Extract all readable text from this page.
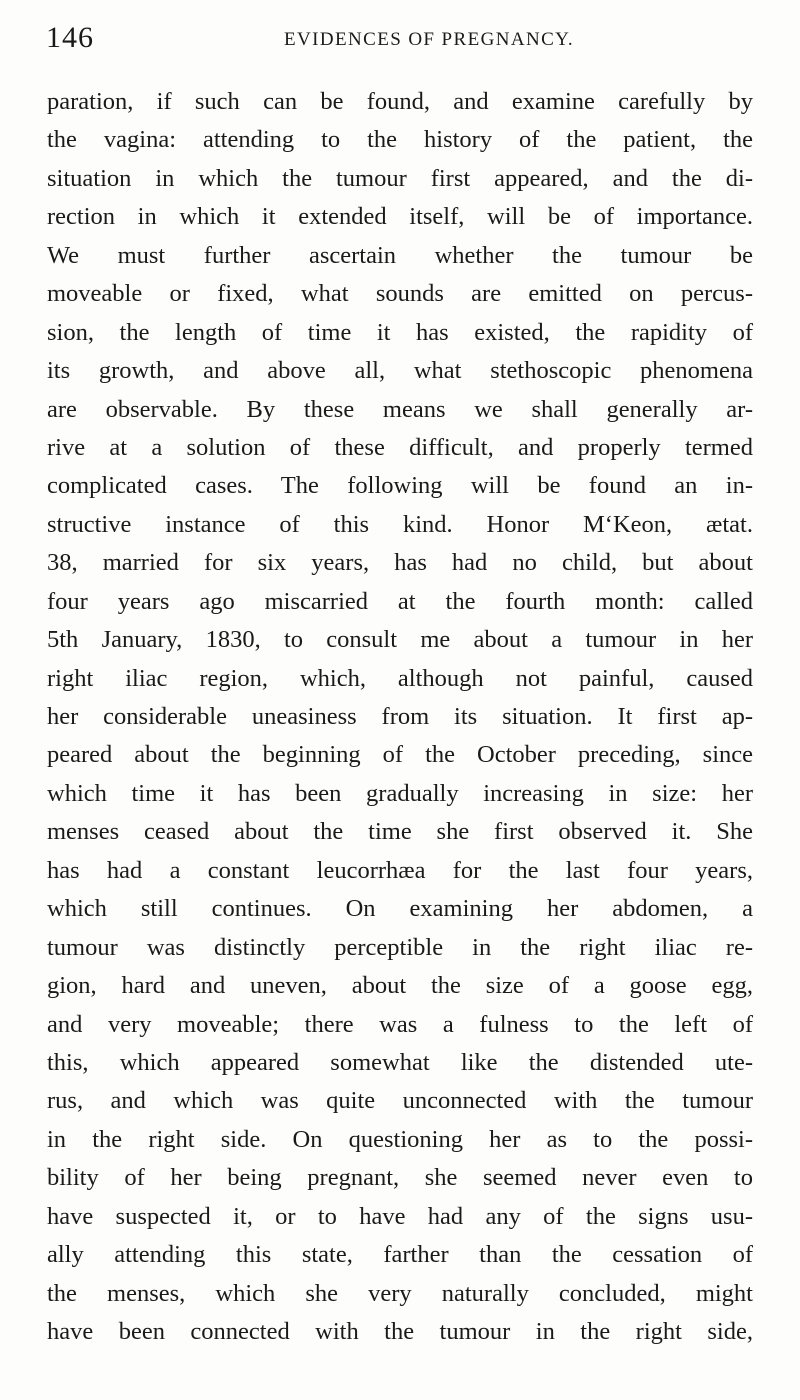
146	EVIDENCES OF PREGNANCY.
paration, if such can be found, and examine carefully by
the vagina: attending to the history of the patient, the
situation in which the tumour first appeared, and the di-
rection in which it extended itself, will be of importance.
We must further ascertain whether the tumour be
moveable or fixed, what sounds are emitted on percus-
sion, the length of time it has existed, the rapidity of
its growth, and above all, what stethoscopic phenomena
are observable. By these means we shall generally ar-
rive at a solution of these difficult, and properly termed
complicated cases. The following will be found an in-
structive instance of this kind. Honor M‘Keon, ætat.
38, married for six years, has had no child, but about
four years ago miscarried at the fourth month: called
5th January, 1830, to consult me about a tumour in her
right iliac region, which, although not painful, caused
her considerable uneasiness from its situation. It first ap-
peared about the beginning of the October preceding, since
which time it has been gradually increasing in size: her
menses ceased about the time she first observed it. She
has had a constant leucorrhæa for the last four years,
which still continues. On examining her abdomen, a
tumour was distinctly perceptible in the right iliac re-
gion, hard and uneven, about the size of a goose egg,
and very moveable; there was a fulness to the left of
this, which appeared somewhat like the distended ute-
rus, and which was quite unconnected with the tumour
in the right side. On questioning her as to the possi-
bility of her being pregnant, she seemed never even to
have suspected it, or to have had any of the signs usu-
ally attending this state, farther than the cessation of
the menses, which she very naturally concluded, might
have been connected with the tumour in the right side,
